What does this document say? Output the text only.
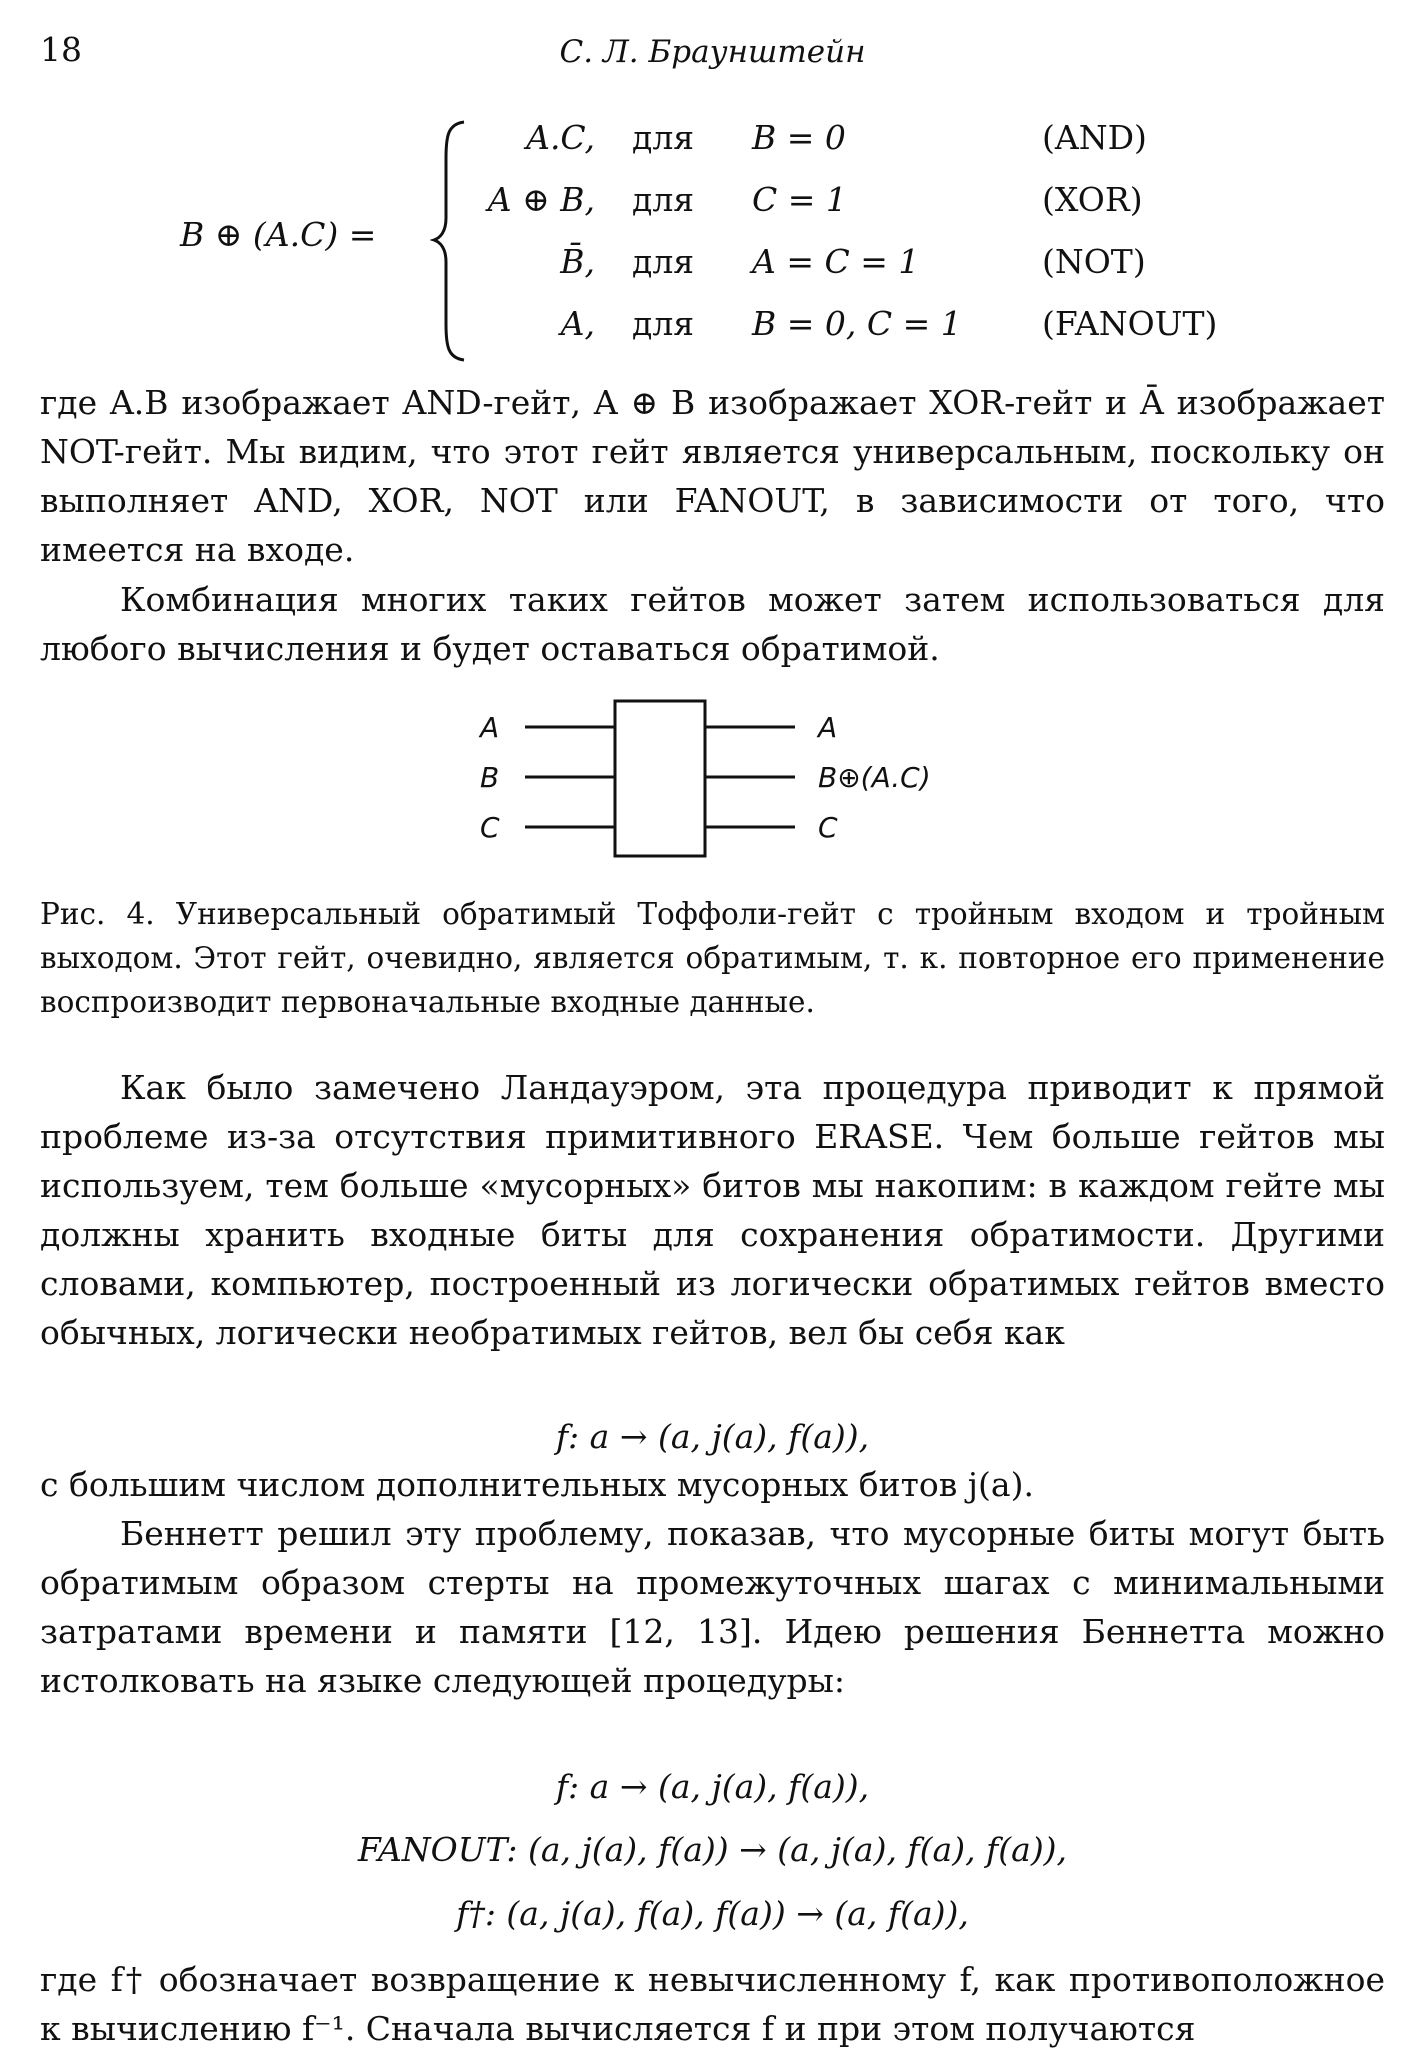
18	С. Л. Браунштейн
B ⊕ (A.C) =
A.C, для B = 0	(AND)
A ⊕ B, для C = 1	(XOR)
B̄, для A = C = 1	(NOT)
A, для B = 0, C = 1 (FANOUT)
где A.B изображает AND-гейт, A ⊕ B изображает XOR-гейт и Ā изображает NOT-гейт. Мы видим, что этот гейт является универсальным, поскольку он выполняет AND, XOR, NOT или FANOUT, в зависимости от того, что имеется на входе.
Комбинация многих таких гейтов может затем использоваться для любого вычисления и будет оставаться обратимой.
A
B
C
A
B⊕(A.C)
C
Рис. 4. Универсальный обратимый Тоффоли-гейт с тройным входом и тройным выходом. Этот гейт, очевидно, является обратимым, т. к. повторное его применение воспроизводит первоначальные входные данные.
Как было замечено Ландауэром, эта процедура приводит к прямой проблеме из-за отсутствия примитивного ERASE. Чем больше гейтов мы используем, тем больше «мусорных» битов мы накопим: в каждом гейте мы должны хранить входные биты для сохранения обратимости. Другими словами, компьютер, построенный из логически обратимых гейтов вместо обычных, логически необратимых гейтов, вел бы себя как
f: a → (a, j(a), f(a)),
с большим числом дополнительных мусорных битов j(a).
Беннетт решил эту проблему, показав, что мусорные биты могут быть обратимым образом стерты на промежуточных шагах с минимальными затратами времени и памяти [12, 13]. Идею решения Беннетта можно истолковать на языке следующей процедуры:
f: a → (a, j(a), f(a)),
FANOUT: (a, j(a), f(a)) → (a, j(a), f(a), f(a)),
f†: (a, j(a), f(a), f(a)) → (a, f(a)),
где f† обозначает возвращение к невычисленному f, как противоположное к вычислению f⁻¹. Сначала вычисляется f и при этом получаются
